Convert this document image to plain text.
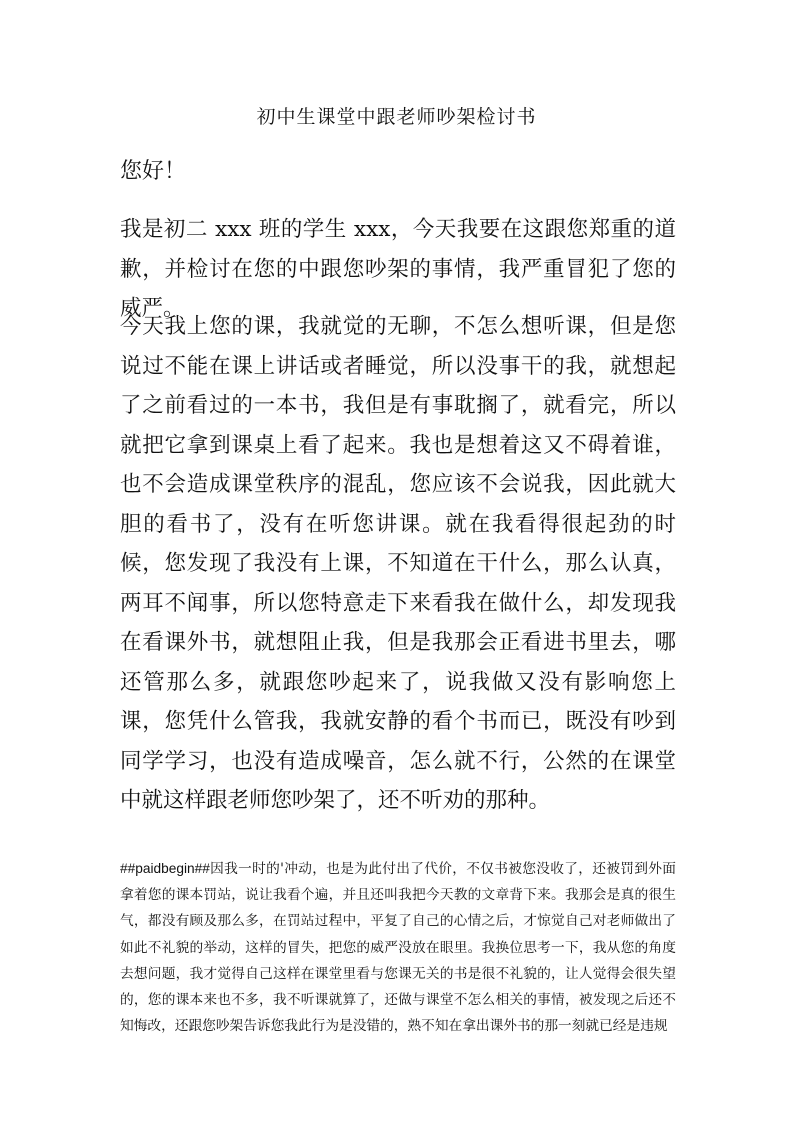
初中生课堂中跟老师吵架检讨书
您好！

我是初二 xxx 班的学生 xxx，今天我要在这跟您郑重的道歉，并检讨在您的中跟您吵架的事情，我严重冒犯了您的威严。

今天我上您的课，我就觉的无聊，不怎么想听课，但是您说过不能在课上讲话或者睡觉，所以没事干的我，就想起了之前看过的一本书，我但是有事耽搁了，就看完，所以就把它拿到课桌上看了起来。我也是想着这又不碍着谁，也不会造成课堂秩序的混乱，您应该不会说我，因此就大胆的看书了，没有在听您讲课。就在我看得很起劲的时候，您发现了我没有上课，不知道在干什么，那么认真，两耳不闻事，所以您特意走下来看我在做什么，却发现我在看课外书，就想阻止我，但是我那会正看进书里去，哪还管那么多，就跟您吵起来了，说我做又没有影响您上课，您凭什么管我，我就安静的看个书而已，既没有吵到同学学习，也没有造成噪音，怎么就不行，公然的在课堂中就这样跟老师您吵架了，还不听劝的那种。

##paidbegin##因我一时的'冲动，也是为此付出了代价，不仅书被您没收了，还被罚到外面拿着您的课本罚站，说让我看个遍，并且还叫我把今天教的文章背下来。我那会是真的很生气，都没有顾及那么多，在罚站过程中，平复了自己的心情之后，才惊觉自己对老师做出了如此不礼貌的举动，这样的冒失，把您的威严没放在眼里。我换位思考一下，我从您的角度去想问题，我才觉得自己这样在课堂里看与您课无关的书是很不礼貌的，让人觉得会很失望的，您的课本来也不多，我不听课就算了，还做与课堂不怎么相关的事情，被发现之后还不知悔改，还跟您吵架告诉您我此行为是没错的，熟不知在拿出课外书的那一刻就已经是违规
